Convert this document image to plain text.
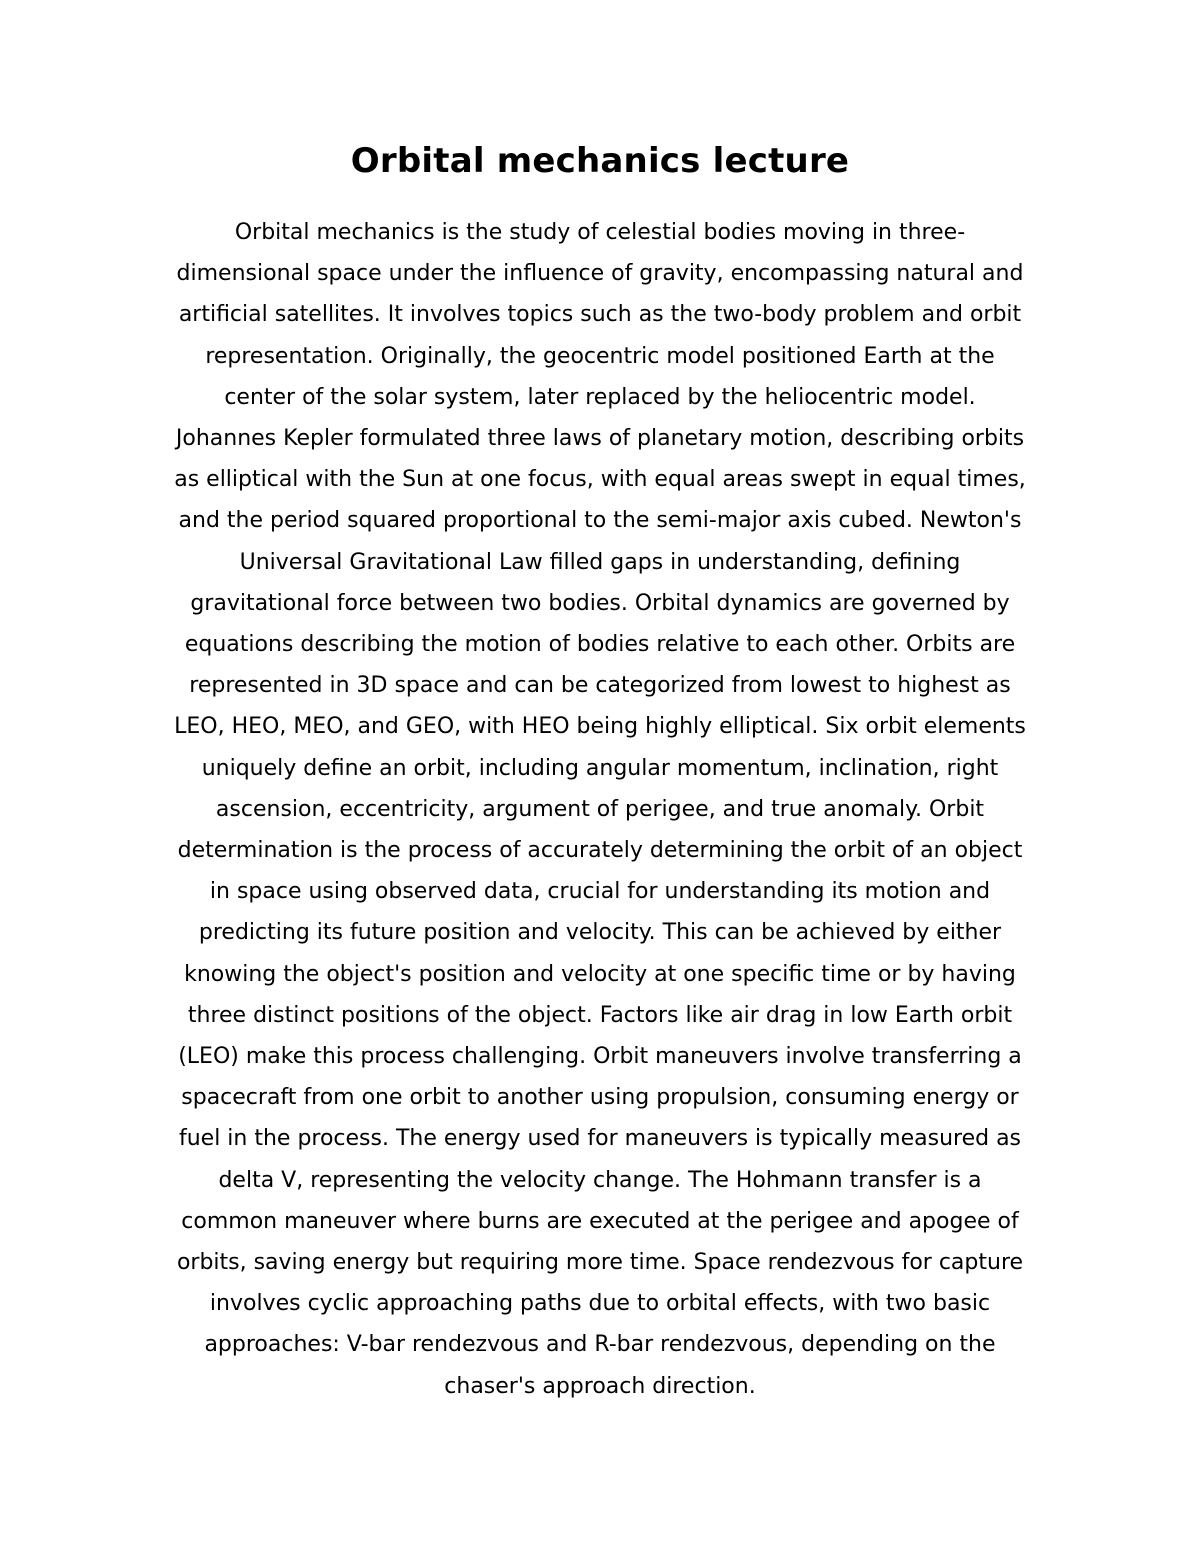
Orbital mechanics lecture
Orbital mechanics is the study of celestial bodies moving in three-
dimensional space under the influence of gravity, encompassing natural and
artificial satellites. It involves topics such as the two-body problem and orbit
representation. Originally, the geocentric model positioned Earth at the
center of the solar system, later replaced by the heliocentric model.
Johannes Kepler formulated three laws of planetary motion, describing orbits
as elliptical with the Sun at one focus, with equal areas swept in equal times,
and the period squared proportional to the semi-major axis cubed. Newton's
Universal Gravitational Law filled gaps in understanding, defining
gravitational force between two bodies. Orbital dynamics are governed by
equations describing the motion of bodies relative to each other. Orbits are
represented in 3D space and can be categorized from lowest to highest as
LEO, HEO, MEO, and GEO, with HEO being highly elliptical. Six orbit elements
uniquely define an orbit, including angular momentum, inclination, right
ascension, eccentricity, argument of perigee, and true anomaly. Orbit
determination is the process of accurately determining the orbit of an object
in space using observed data, crucial for understanding its motion and
predicting its future position and velocity. This can be achieved by either
knowing the object's position and velocity at one specific time or by having
three distinct positions of the object. Factors like air drag in low Earth orbit
(LEO) make this process challenging. Orbit maneuvers involve transferring a
spacecraft from one orbit to another using propulsion, consuming energy or
fuel in the process. The energy used for maneuvers is typically measured as
delta V, representing the velocity change. The Hohmann transfer is a
common maneuver where burns are executed at the perigee and apogee of
orbits, saving energy but requiring more time. Space rendezvous for capture
involves cyclic approaching paths due to orbital effects, with two basic
approaches: V-bar rendezvous and R-bar rendezvous, depending on the
chaser's approach direction.
